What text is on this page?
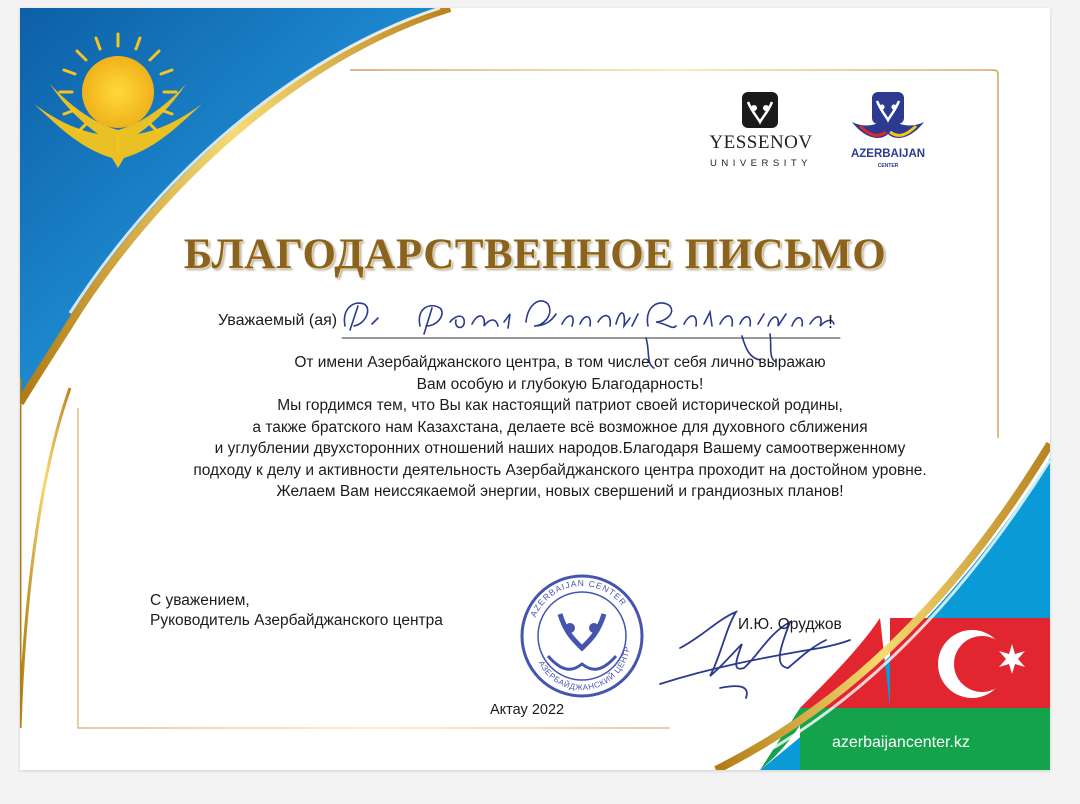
AZERBAIJAN CENTER
АЗЕРБАЙДЖАНСКИЙ ЦЕНТР
YESSENOV
UNIVERSITY
AZERBAIJAN
CENTER
БЛАГОДАРСТВЕННОЕ ПИСЬМО
Уважаемый (ая)	!
От имени Азербайджанского центра, в том числе от себя лично выражаю
Вам особую и глубокую Благодарность!
Мы гордимся тем, что Вы как настоящий патриот своей исторической родины,
а также братского нам Казахстана, делаете всё возможное для духовного сближения
и углублении двухсторонних отношений наших народов.Благодаря Вашему самоотверженному
подходу к делу и активности деятельность Азербайджанского центра проходит на достойном уровне.
Желаем Вам неиссякаемой энергии, новых свершений и грандиозных планов!
С уважением,
Руководитель Азербайджанского центра	И.Ю. Оруджов
Актау 2022
azerbaijancenter.kz
